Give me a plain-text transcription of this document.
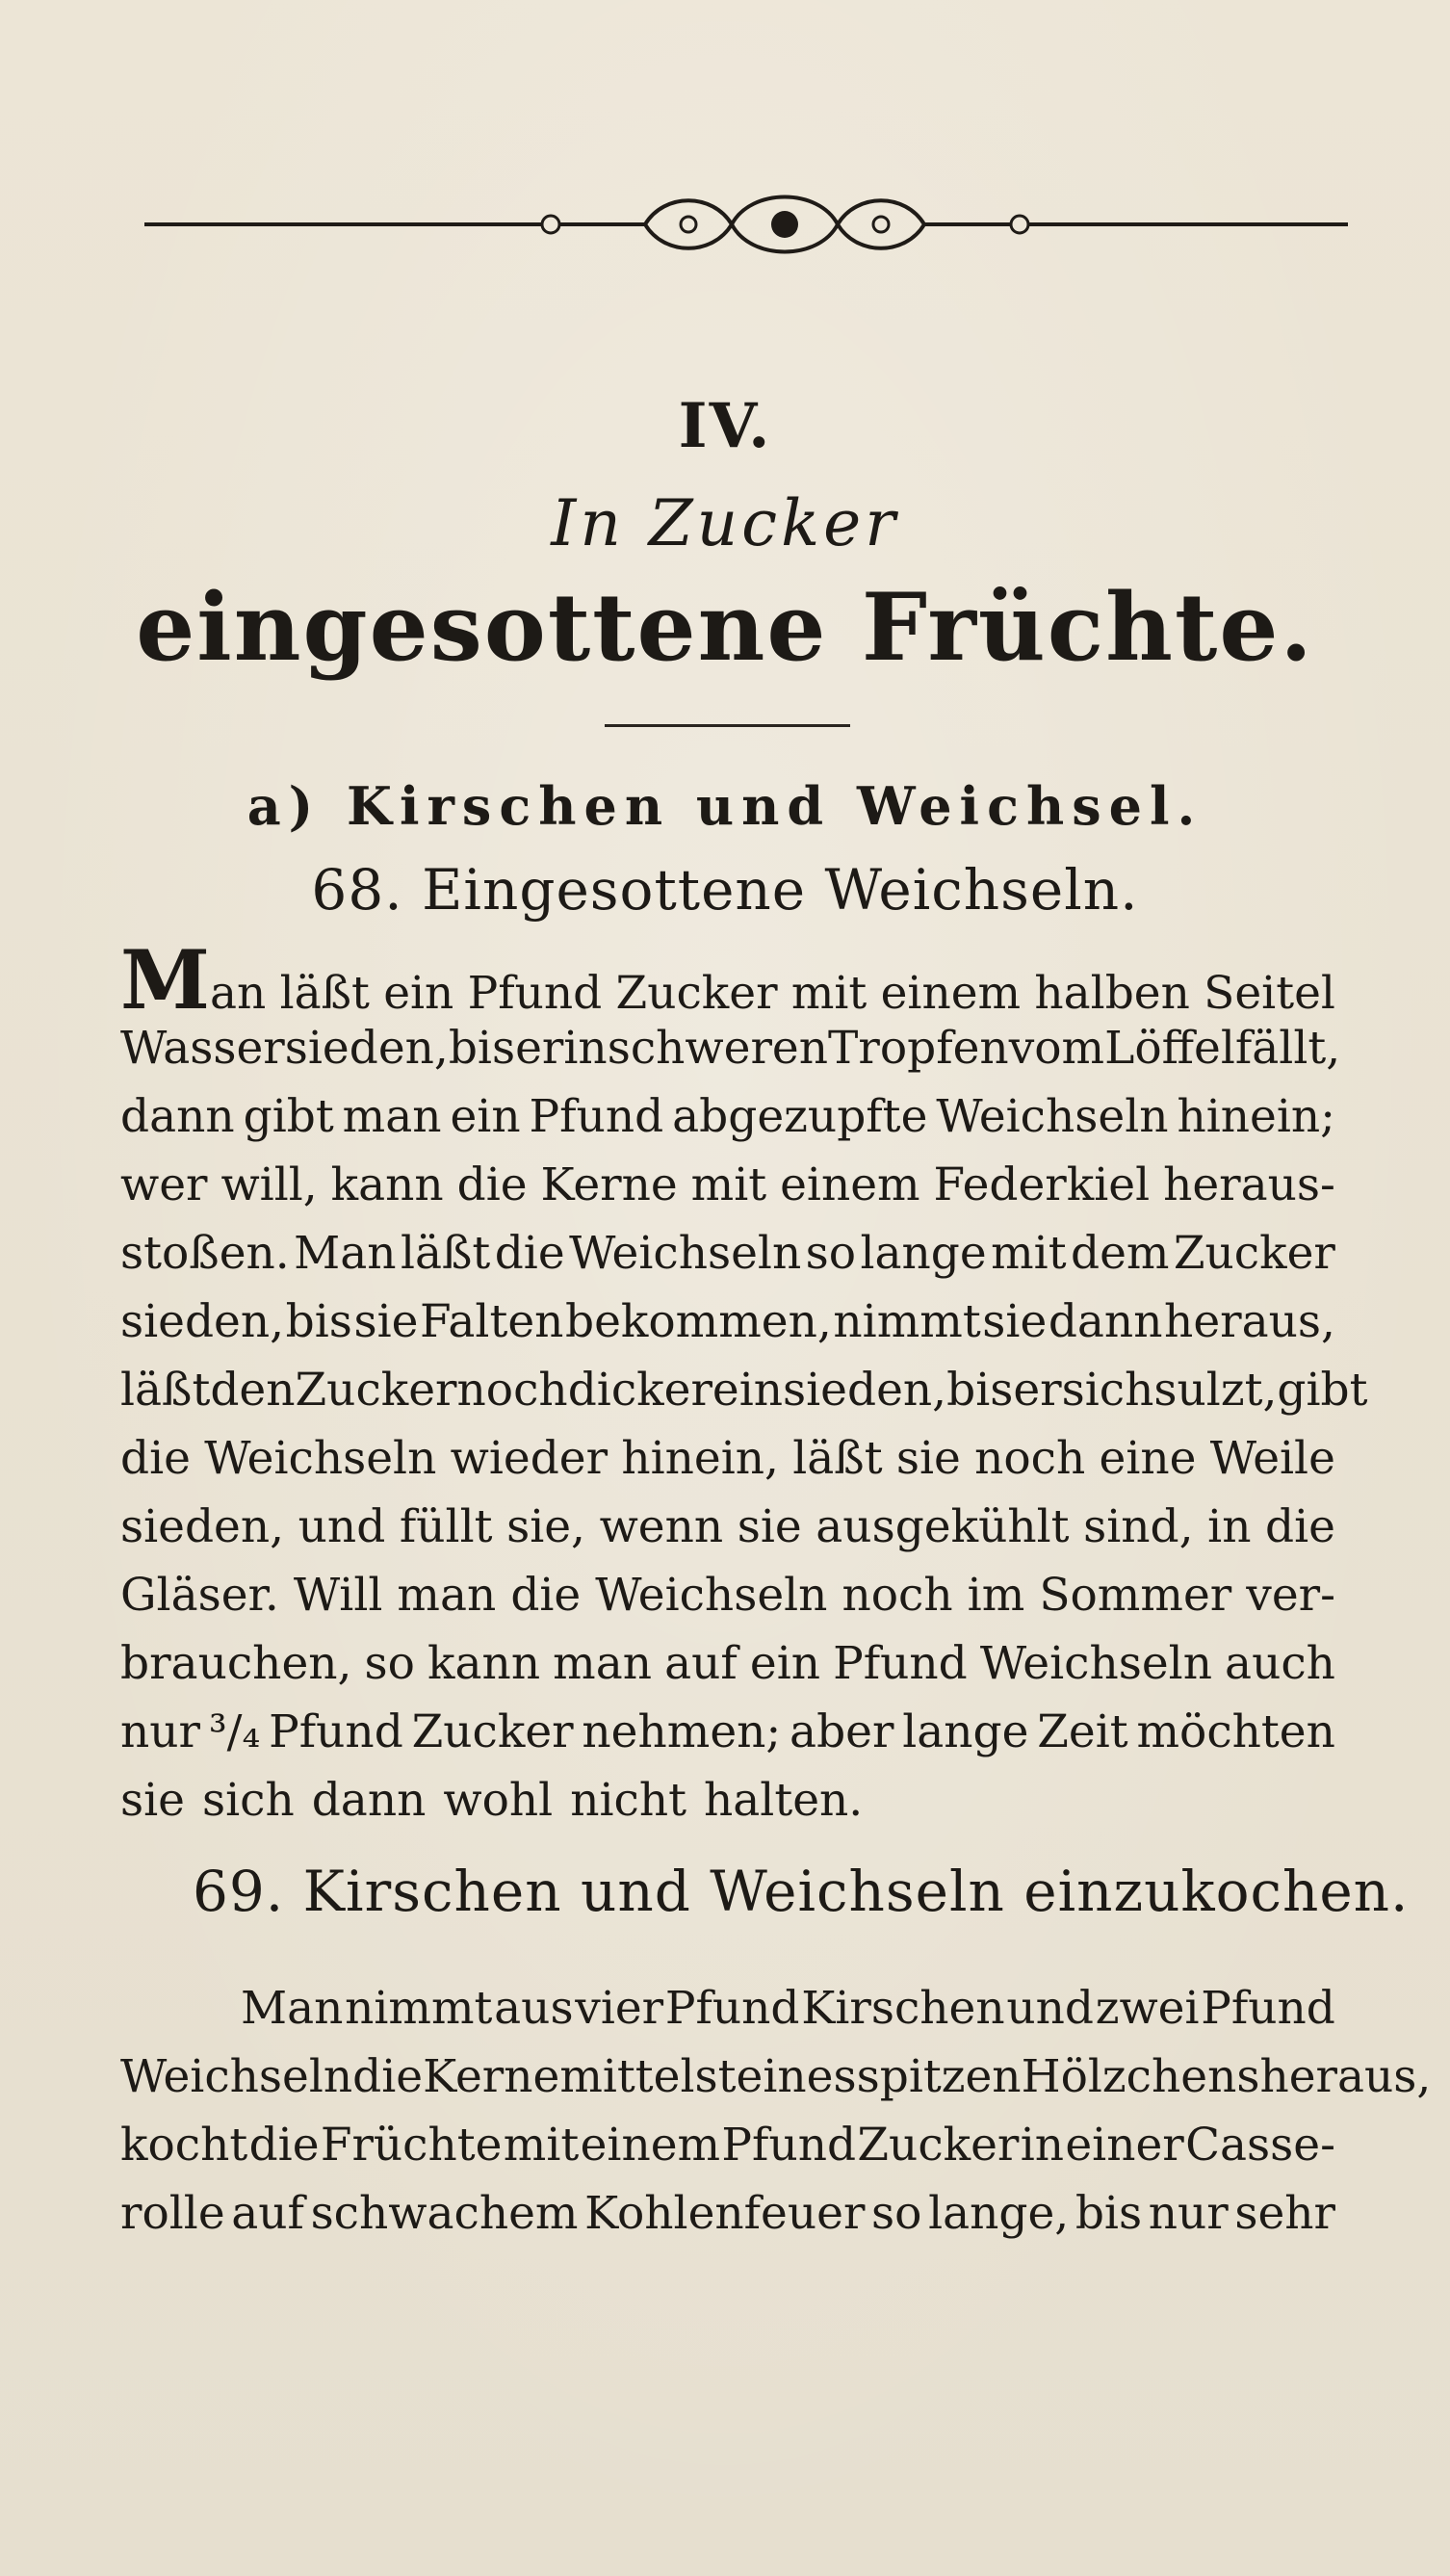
IV.
In Zucker
eingesottene Früchte.
a) Kirschen und Weichsel.
68. Eingesottene Weichseln.
Man läßt ein Pfund Zucker mit einem halben Seitel
Wasser sieden, bis er in schweren Tropfen vom Löffel fällt,
dann gibt man ein Pfund abgezupfte Weichseln hinein;
wer will, kann die Kerne mit einem Federkiel heraus-
stoßen. Man läßt die Weichseln so lange mit dem Zucker
sieden, bis sie Falten bekommen, nimmt sie dann heraus,
läßt den Zucker noch dicker einsieden, bis er sich sulzt, gibt
die Weichseln wieder hinein, läßt sie noch eine Weile
sieden, und füllt sie, wenn sie ausgekühlt sind, in die
Gläser. Will man die Weichseln noch im Sommer ver-
brauchen, so kann man auf ein Pfund Weichseln auch
nur ³/₄ Pfund Zucker nehmen; aber lange Zeit möchten
sie sich dann wohl nicht halten.
69. Kirschen und Weichseln einzukochen.
Man nimmt aus vier Pfund Kirschen und zwei Pfund
Weichseln die Kerne mittelst eines spitzen Hölzchens heraus,
kocht die Früchte mit einem Pfund Zucker in einer Casse-
rolle auf schwachem Kohlenfeuer so lange, bis nur sehr
